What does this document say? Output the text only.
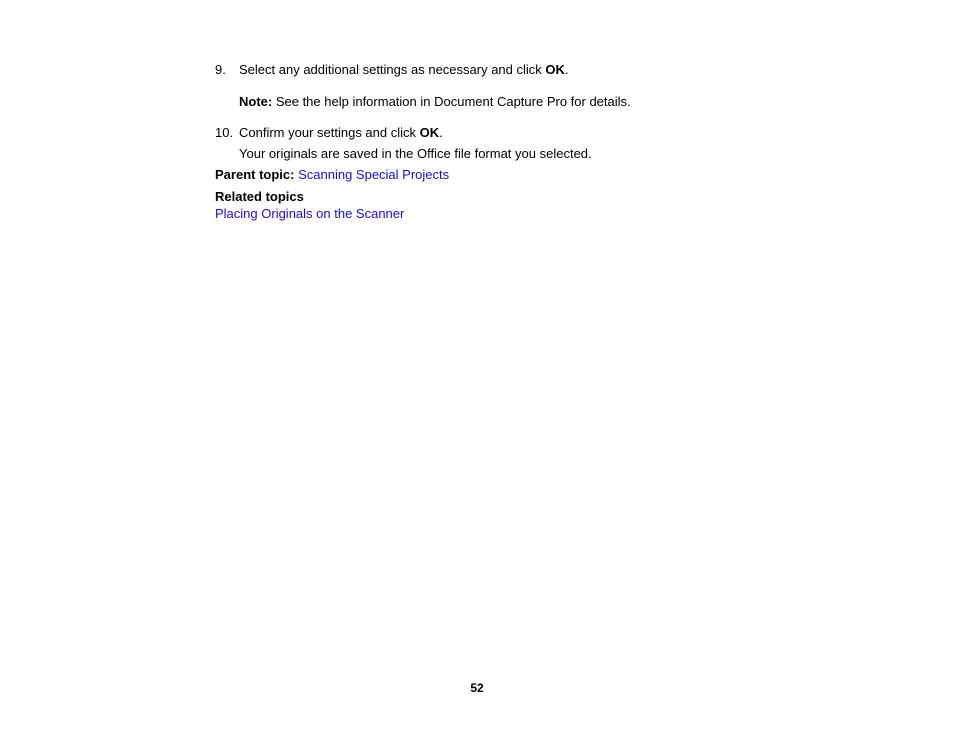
9. Select any additional settings as necessary and click OK.
Note: See the help information in Document Capture Pro for details.
10. Confirm your settings and click OK.
Your originals are saved in the Office file format you selected.
Parent topic: Scanning Special Projects
Related topics
Placing Originals on the Scanner
52
